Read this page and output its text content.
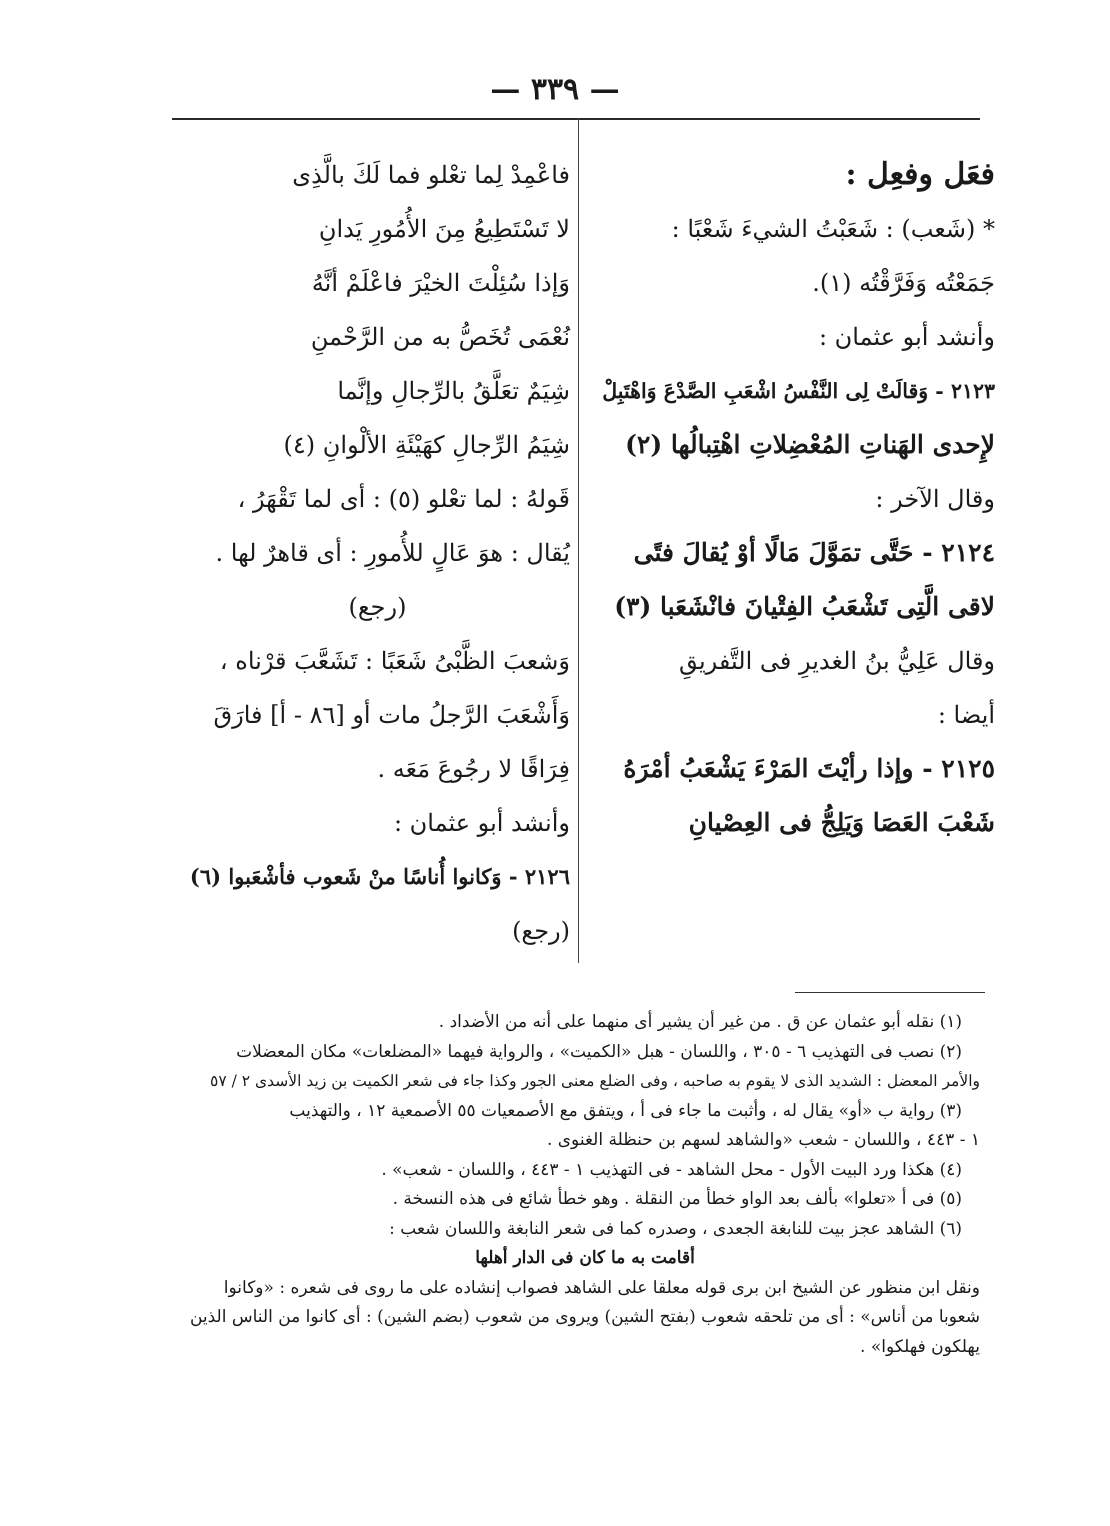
— ٣٣٩ —
فعَل وفعِل :
* (شَعب) : شَعَبْتُ الشيءَ شَعْبًا :
جَمَعْتُه وَفَرَّقْتُه (١).
وأنشد أبو عثمان :
٢١٢٣ - وَقالَتْ لِى النَّفْسُ اشْعَبِ الصَّدْعَ وَاهْتَبِلْ
لإِحدى الهَناتِ المُعْضِلاتِ اهْتِبالُها (٢)
وقال الآخر :
٢١٢٤ - حَتَّى تمَوَّلَ مَالًا أوْ يُقالَ فتًى
لاقى الَّتِى تَشْعَبُ الفِتْيانَ فانْشَعَبا (٣)
وقال عَلِيُّ بنُ الغديرِ فى التَّفريقِ
أيضا :
٢١٢٥ - وإذا رأيْتَ المَرْءَ يَشْعَبُ أمْرَهُ
شَعْبَ العَصَا وَيَلِجُّ فى العِصْيانِ
فاعْمِدْ لِما تعْلو فما لَكَ بالَّذِى
لا تَسْتَطِيعُ مِنَ الأُمُورِ يَدانِ
وَإذا سُئِلْتَ الخيْرَ فاعْلَمْ أنَّهُ
نُعْمَى تُخَصُّ به من الرَّحْمنِ
شِيَمٌ تعَلَّقُ بالرِّجالِ وإنَّما
شِيَمُ الرِّجالِ كهَيْئَةِ الألْوانِ (٤)
قَولهُ : لما تعْلو (٥) : أى لما تَقْهَرُ ،
يُقال : هوَ عَالٍ للأُمورِ : أى قاهرٌ لها .
(رجع)
وَشعبَ الظَّبْىُ شَعَبًا : تَشَعَّبَ قرْناه ،
وَأَشْعَبَ الرَّجلُ مات أو [٨٦ - أ] فارَقَ
فِرَاقًا لا رجُوعَ مَعَه .
وأنشد أبو عثمان :
٢١٢٦ - وَكانوا أُناسًا منْ شَعوب فأشْعَبوا (٦)
(رجع)
(١) نقله أبو عثمان عن ق . من غير أن يشير أى منهما على أنه من الأضداد .
(٢) نصب فى التهذيب ٦ - ٣٠٥ ، واللسان - هبل «الكميت» ، والرواية فيهما «المضلعات» مكان المعضلات
والأمر المعضل : الشديد الذى لا يقوم به صاحبه ، وفى الضلع معنى الجور وكذا جاء فى شعر الكميت بن زيد الأسدى ٢ / ٥٧
(٣) رواية ب «أو» يقال له ، وأثبت ما جاء فى أ ، ويتفق مع الأصمعيات ٥٥ الأصمعية ١٢ ، والتهذيب
١ - ٤٤٣ ، واللسان - شعب «والشاهد لسهم بن حنظلة الغنوى .
(٤) هكذا ورد البيت الأول - محل الشاهد - فى التهذيب ١ - ٤٤٣ ، واللسان - شعب» .
(٥) فى أ «تعلوا» بألف بعد الواو خطأ من النقلة . وهو خطأ شائع فى هذه النسخة .
(٦) الشاهد عجز بيت للنابغة الجعدى ، وصدره كما فى شعر النابغة واللسان شعب :
أقامت به ما كان فى الدار أهلها
ونقل ابن منظور عن الشيخ ابن برى قوله معلقا على الشاهد فصواب إنشاده على ما روى فى شعره : «وكانوا
شعوبا من أناس» : أى من تلحقه شعوب (بفتح الشين) ويروى من شعوب (بضم الشين) : أى كانوا من الناس الذين
يهلكون فهلكوا» .
